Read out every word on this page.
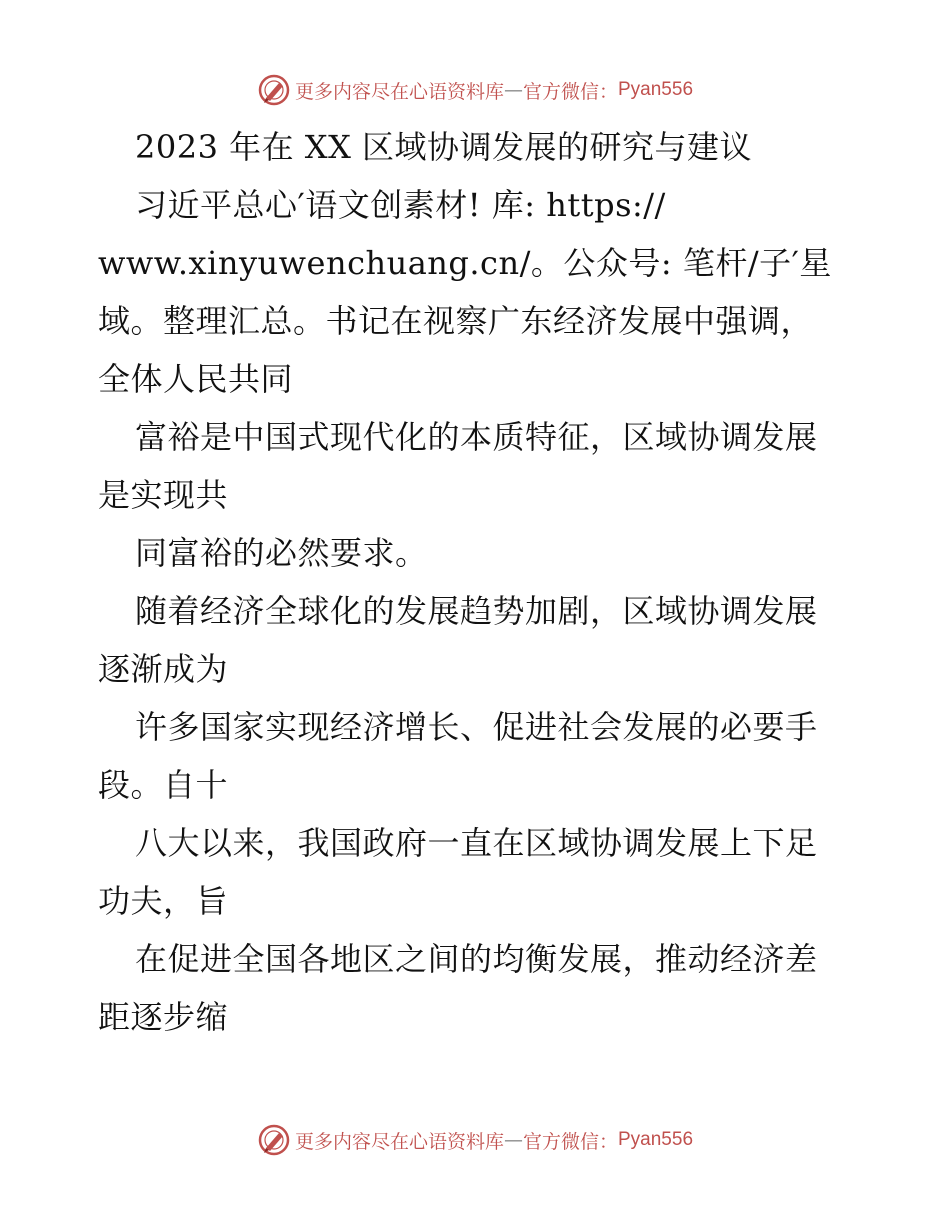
更多内容尽在心语资料库 — 官方微信： Pyan556
2023 年在 XX 区域协调发展的研究与建议
习近平总心′语文创素材! 库: https://
www.xinyuwenchuang.cn/。公众号: 笔杆/子′星
域。整理汇总。书记在视察广东经济发展中强调，
全体人民共同
富裕是中国式现代化的本质特征，区域协调发展
是实现共
同富裕的必然要求。
随着经济全球化的发展趋势加剧，区域协调发展
逐渐成为
许多国家实现经济增长、促进社会发展的必要手
段。自十
八大以来，我国政府一直在区域协调发展上下足
功夫，旨
在促进全国各地区之间的均衡发展，推动经济差
距逐步缩
更多内容尽在心语资料库 — 官方微信： Pyan556
